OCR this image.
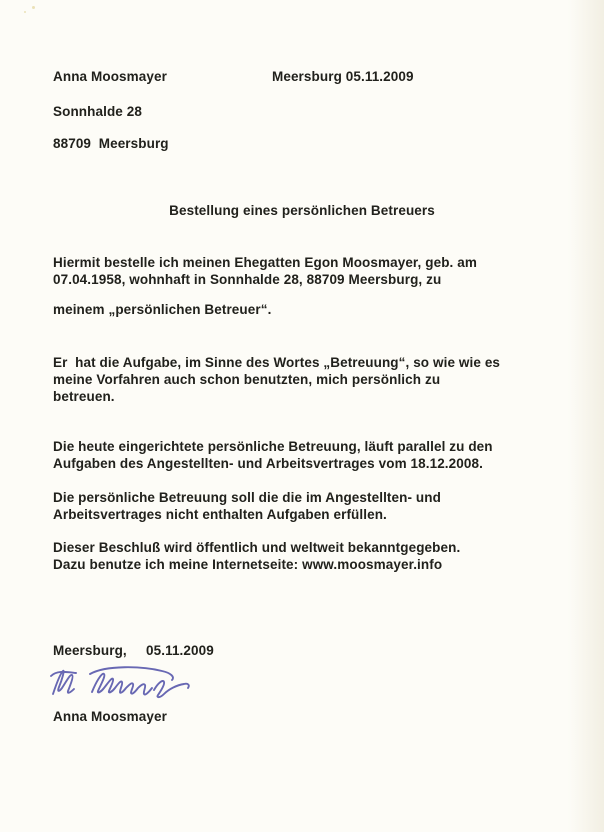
Anna Moosmayer	Meersburg 05.11.2009
Sonnhalde 28
88709  Meersburg
Bestellung eines persönlichen Betreuers
Hiermit bestelle ich meinen Ehegatten Egon Moosmayer, geb. am
07.04.1958, wohnhaft in Sonnhalde 28, 88709 Meersburg, zu
meinem „persönlichen Betreuer“.
Er  hat die Aufgabe, im Sinne des Wortes „Betreuung“, so wie wie es
meine Vorfahren auch schon benutzten, mich persönlich zu
betreuen.
Die heute eingerichtete persönliche Betreuung, läuft parallel zu den
Aufgaben des Angestellten- und Arbeitsvertrages vom 18.12.2008.
Die persönliche Betreuung soll die die im Angestellten- und
Arbeitsvertrages nicht enthalten Aufgaben erfüllen.
Dieser Beschluß wird öffentlich und weltweit bekanntgegeben.
Dazu benutze ich meine Internetseite: www.moosmayer.info
Meersburg,     05.11.2009
Anna Moosmayer
